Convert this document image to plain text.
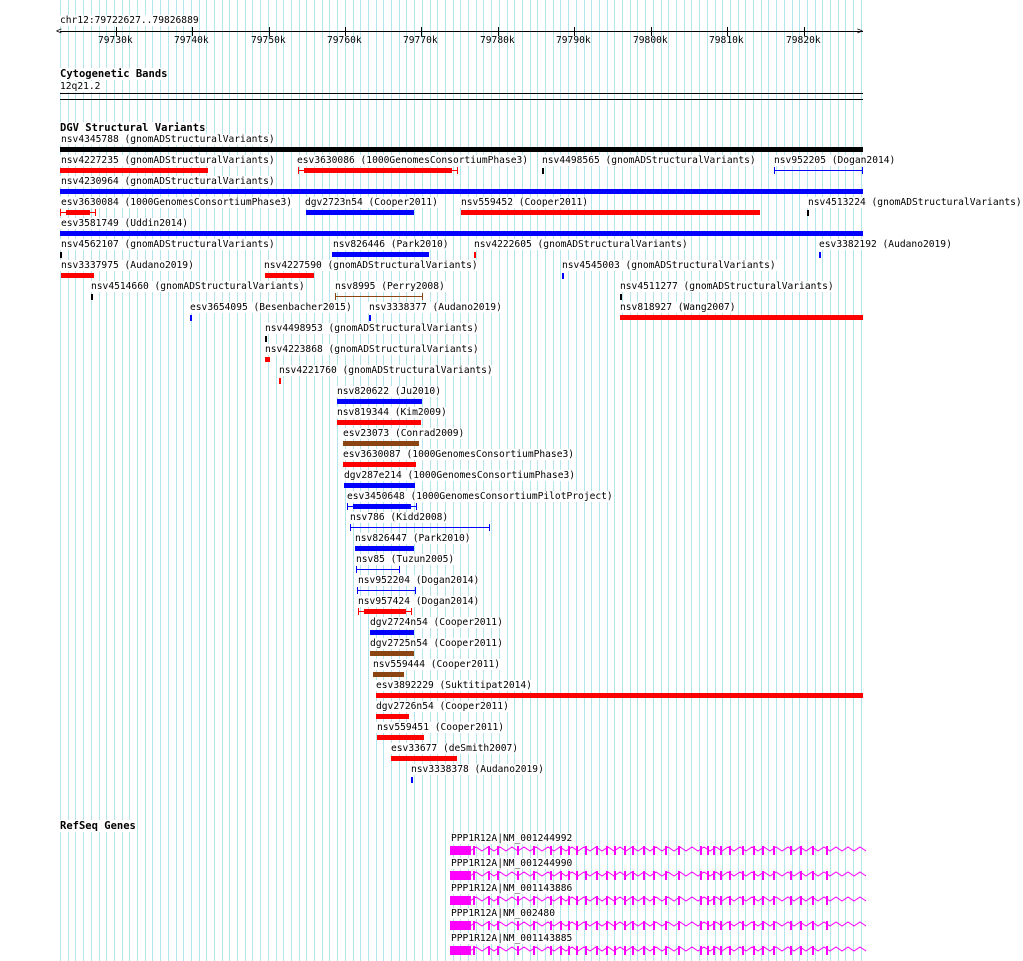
chr12:79722627..79826889
<	>
79730k	79740k	79750k	79760k	79770k	79780k	79790k	79800k	79810k	79820k
Cytogenetic Bands
12q21.2
DGV Structural Variants
nsv4345788 (gnomADStructuralVariants)
nsv4227235 (gnomADStructuralVariants) esv3630086 (1000GenomesConsortiumPhase3) nsv4498565 (gnomADStructuralVariants) nsv952205 (Dogan2014)
nsv4230964 (gnomADStructuralVariants)
esv3630084 (1000GenomesConsortiumPhase3) dgv2723n54 (Cooper2011) nsv559452 (Cooper2011)	nsv4513224 (gnomADStructuralVariants)
esv3581749 (Uddin2014)
nsv4562107 (gnomADStructuralVariants)	nsv826446 (Park2010)	nsv4222605 (gnomADStructuralVariants)	esv3382192 (Audano2019)
nsv3337975 (Audano2019)	nsv4227590 (gnomADStructuralVariants)	nsv4545003 (gnomADStructuralVariants)
nsv4514660 (gnomADStructuralVariants)	nsv8995 (Perry2008)	nsv4511277 (gnomADStructuralVariants)
esv3654095 (Besenbacher2015) nsv3338377 (Audano2019)	nsv818927 (Wang2007)
nsv4498953 (gnomADStructuralVariants)
nsv4223868 (gnomADStructuralVariants)
nsv4221760 (gnomADStructuralVariants)
nsv820622 (Ju2010)
nsv819344 (Kim2009)
esv23073 (Conrad2009)
esv3630087 (1000GenomesConsortiumPhase3)
dgv287e214 (1000GenomesConsortiumPhase3)
esv3450648 (1000GenomesConsortiumPilotProject)
nsv786 (Kidd2008)
nsv826447 (Park2010)
nsv85 (Tuzun2005)
nsv952204 (Dogan2014)
nsv957424 (Dogan2014)
dgv2724n54 (Cooper2011)
dgv2725n54 (Cooper2011)
nsv559444 (Cooper2011)
esv3892229 (Suktitipat2014)
dgv2726n54 (Cooper2011)
nsv559451 (Cooper2011)
esv33677 (deSmith2007)
nsv3338378 (Audano2019)
RefSeq Genes
PPP1R12A|NM_001244992
PPP1R12A|NM_001244990
PPP1R12A|NM_001143886
PPP1R12A|NM_002480
PPP1R12A|NM_001143885
